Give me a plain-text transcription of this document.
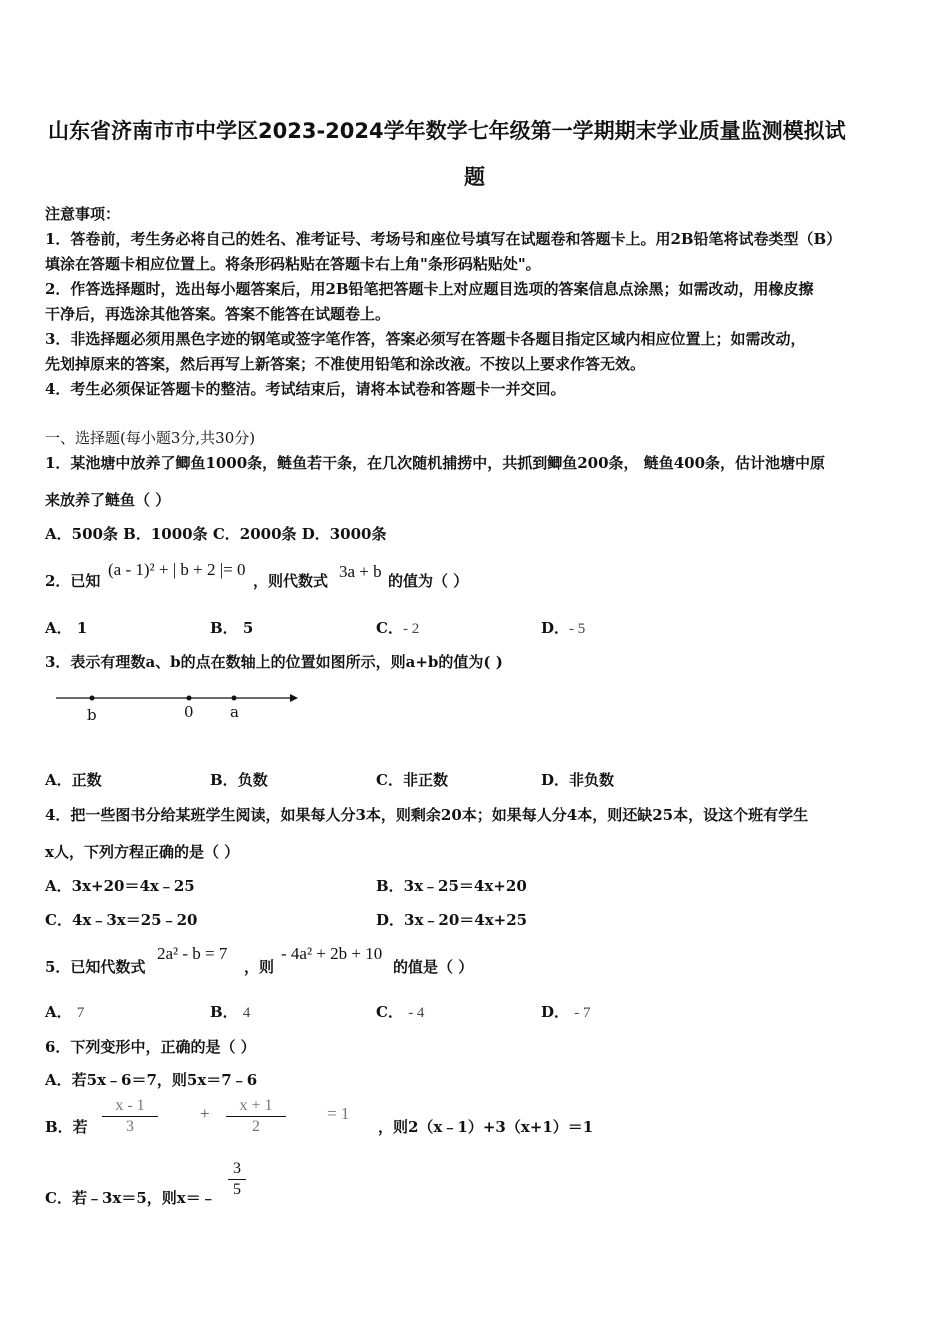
山东省济南市市中学区2023-2024学年数学七年级第一学期期末学业质量监测模拟试
题
注意事项：
1．答卷前，考生务必将自己的姓名、准考证号、考场号和座位号填写在试题卷和答题卡上。用2B铅笔将试卷类型（B）
填涂在答题卡相应位置上。将条形码粘贴在答题卡右上角"条形码粘贴处"。
2．作答选择题时，选出每小题答案后，用2B铅笔把答题卡上对应题目选项的答案信息点涂黑；如需改动，用橡皮擦
干净后，再选涂其他答案。答案不能答在试题卷上。
3．非选择题必须用黑色字迹的钢笔或签字笔作答，答案必须写在答题卡各题目指定区域内相应位置上；如需改动，
先划掉原来的答案，然后再写上新答案；不准使用铅笔和涂改液。不按以上要求作答无效。
4．考生必须保证答题卡的整洁。考试结束后，请将本试卷和答题卡一并交回。
一、选择题(每小题3分,共30分)
1．某池塘中放养了鲫鱼1000条，鲢鱼若干条，在几次随机捕捞中，共抓到鲫鱼200条， 鲢鱼400条，估计池塘中原
来放养了鲢鱼（ ）
A．500条 B．1000条 C．2000条 D．3000条
2．已知
(a - 1)² + | b + 2 |= 0
，则代数式 3a + b 的值为（ ）
A． 1	B． 5	C．- 2	D．- 5
3．表示有理数a、b的点在数轴上的位置如图所示，则a+b的值为( )
b	0 a
A．正数	B．负数	C．非正数	D．非负数
4．把一些图书分给某班学生阅读，如果每人分3本，则剩余20本；如果每人分4本，则还缺25本，设这个班有学生
x人，下列方程正确的是（ ）
A．3x+20＝4x﹣25	B．3x﹣25＝4x+20
C．4x﹣3x＝25﹣20	D．3x﹣20＝4x+25
5．已知代数式
2a² - b = 7
，则
- 4a² + 2b + 10
的值是（ ）
A． 7	B． 4	C． - 4	D． - 7
6．下列变形中，正确的是（ ）
A．若5x﹣6＝7，则5x＝7﹣6
B．若
x - 1
3
+	x + 1
2
= 1
，则2（x﹣1）+3（x+1）＝1
C．若﹣3x＝5，则x＝﹣
3
5
